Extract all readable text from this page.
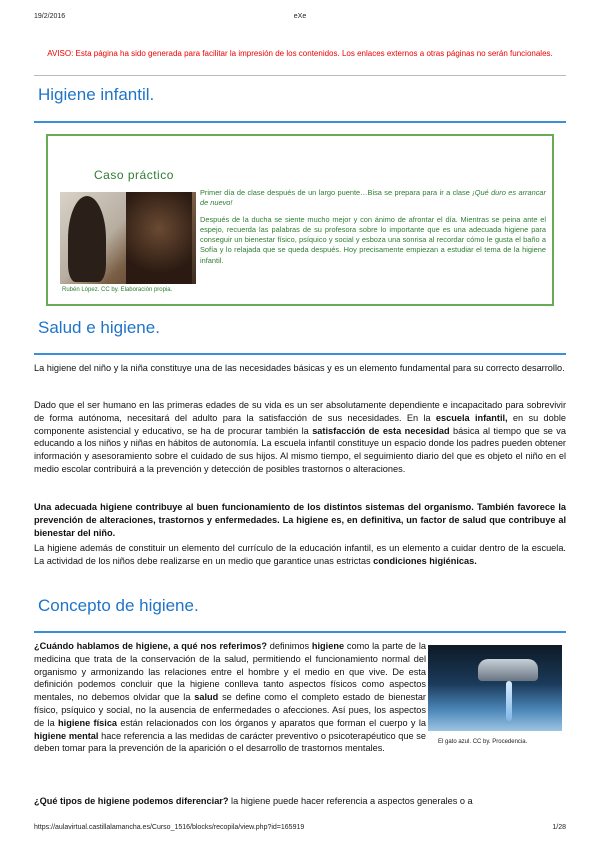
19/2/2016	eXe
AVISO: Esta página ha sido generada para facilitar la impresión de los contenidos. Los enlaces externos a otras páginas no serán funcionales.
Higiene infantil.
Caso práctico
Rubén López. CC by. Elaboración propia.

Primer día de clase después de un largo puente…Bisa se prepara para ir a clase ¡Qué duro es arrancar de nuevo!

Después de la ducha se siente mucho mejor y con ánimo de afrontar el día. Mientras se peina ante el espejo, recuerda las palabras de su profesora sobre lo importante que es una adecuada higiene para conseguir un bienestar físico, psíquico y social y esboza una sonrisa al recordar cómo le gusta el baño a Sofía y lo relajada que se queda después. Hoy precisamente empiezan a estudiar el tema de la higiene infantil.

Salud e higiene.

La higiene del niño y la niña constituye una de las necesidades básicas y es un elemento fundamental para su correcto desarrollo.

Dado que el ser humano en las primeras edades de su vida es un ser absolutamente dependiente e incapacitado para sobrevivir de forma autónoma, necesitará del adulto para la satisfacción de sus necesidades. En la escuela infantil, en su doble componente asistencial y educativo, se ha de procurar también la satisfacción de esta necesidad básica al tiempo que se va educando a los niños y niñas en hábitos de autonomía. La escuela infantil constituye un espacio donde los padres pueden obtener información y asesoramiento sobre el cuidado de sus hijos. Al mismo tiempo, el seguimiento diario del que es objeto el niño en el medio escolar contribuirá a la prevención y detección de posibles trastornos o alteraciones.

Una adecuada higiene contribuye al buen funcionamiento de los distintos sistemas del organismo. También favorece la prevención de alteraciones, trastornos y enfermedades. La higiene es, en definitiva, un factor de salud que contribuye al bienestar del niño.

La higiene además de constituir un elemento del currículo de la educación infantil, es un elemento a cuidar dentro de la escuela. La actividad de los niños debe realizarse en un medio que garantice unas estrictas condiciones higiénicas.

Concepto de higiene.
El gato azul. CC by. Procedencia.

¿Cuándo hablamos de higiene, a qué nos referimos? definimos higiene como la parte de la medicina que trata de la conservación de la salud, permitiendo el funcionamiento normal del organismo y armonizando las relaciones entre el hombre y el medio en que vive. De esta definición podemos concluir que la higiene conlleva tanto aspectos físicos como aspectos mentales, no debemos olvidar que la salud se define como el completo estado de bienestar físico, psíquico y social, no la ausencia de enfermedades o afecciones. Así pues, los aspectos de la higiene física están relacionados con los órganos y aparatos que forman el cuerpo y la higiene mental hace referencia a las medidas de carácter preventivo o psicoterapéutico que se deben tomar para la prevención de la aparición o el desarrollo de trastornos mentales.

¿Qué tipos de higiene podemos diferenciar? la higiene puede hacer referencia a aspectos generales o a

https://aulavirtual.castillalamancha.es/Curso_1516/blocks/recopila/view.php?id=165919	1/28
